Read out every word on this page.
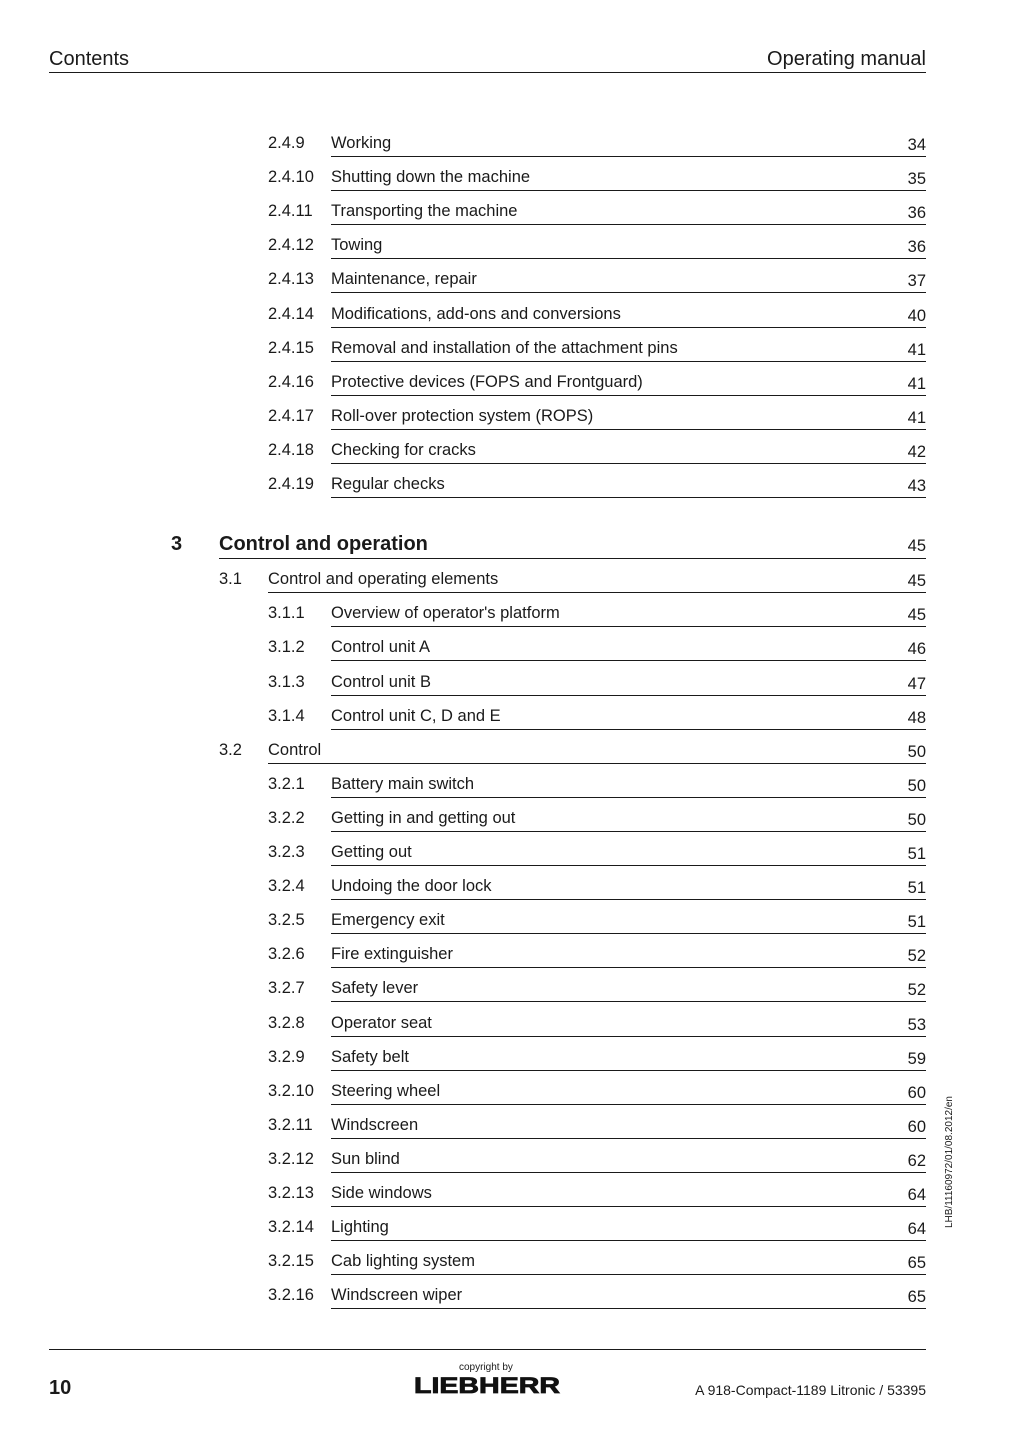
Contents	Operating manual
2.4.9 Working	34
2.4.10 Shutting down the machine	35
2.4.11 Transporting the machine	36
2.4.12 Towing	36
2.4.13 Maintenance, repair	37
2.4.14 Modifications, add-ons and conversions	40
2.4.15 Removal and installation of the attachment pins	41
2.4.16 Protective devices (FOPS and Frontguard)	41
2.4.17 Roll-over protection system (ROPS)	41
2.4.18 Checking for cracks	42
2.4.19 Regular checks	43
3 Control and operation	45
3.1 Control and operating elements	45
3.1.1 Overview of operator's platform	45
3.1.2 Control unit A	46
3.1.3 Control unit B	47
3.1.4 Control unit C, D and E	48
3.2 Control	50
3.2.1 Battery main switch	50
3.2.2 Getting in and getting out	50
3.2.3 Getting out	51
3.2.4 Undoing the door lock	51
3.2.5 Emergency exit	51
3.2.6 Fire extinguisher	52
3.2.7 Safety lever	52
3.2.8 Operator seat	53
3.2.9 Safety belt	59
3.2.10 Steering wheel	60
3.2.11 Windscreen	60
3.2.12 Sun blind	62
3.2.13 Side windows	64
3.2.14 Lighting	64
3.2.15 Cab lighting system	65
3.2.16 Windscreen wiper	65
LHB/11160972/01/08.2012/en
10
copyright by
LIEBHERR	A 918-Compact-1189 Litronic / 53395
